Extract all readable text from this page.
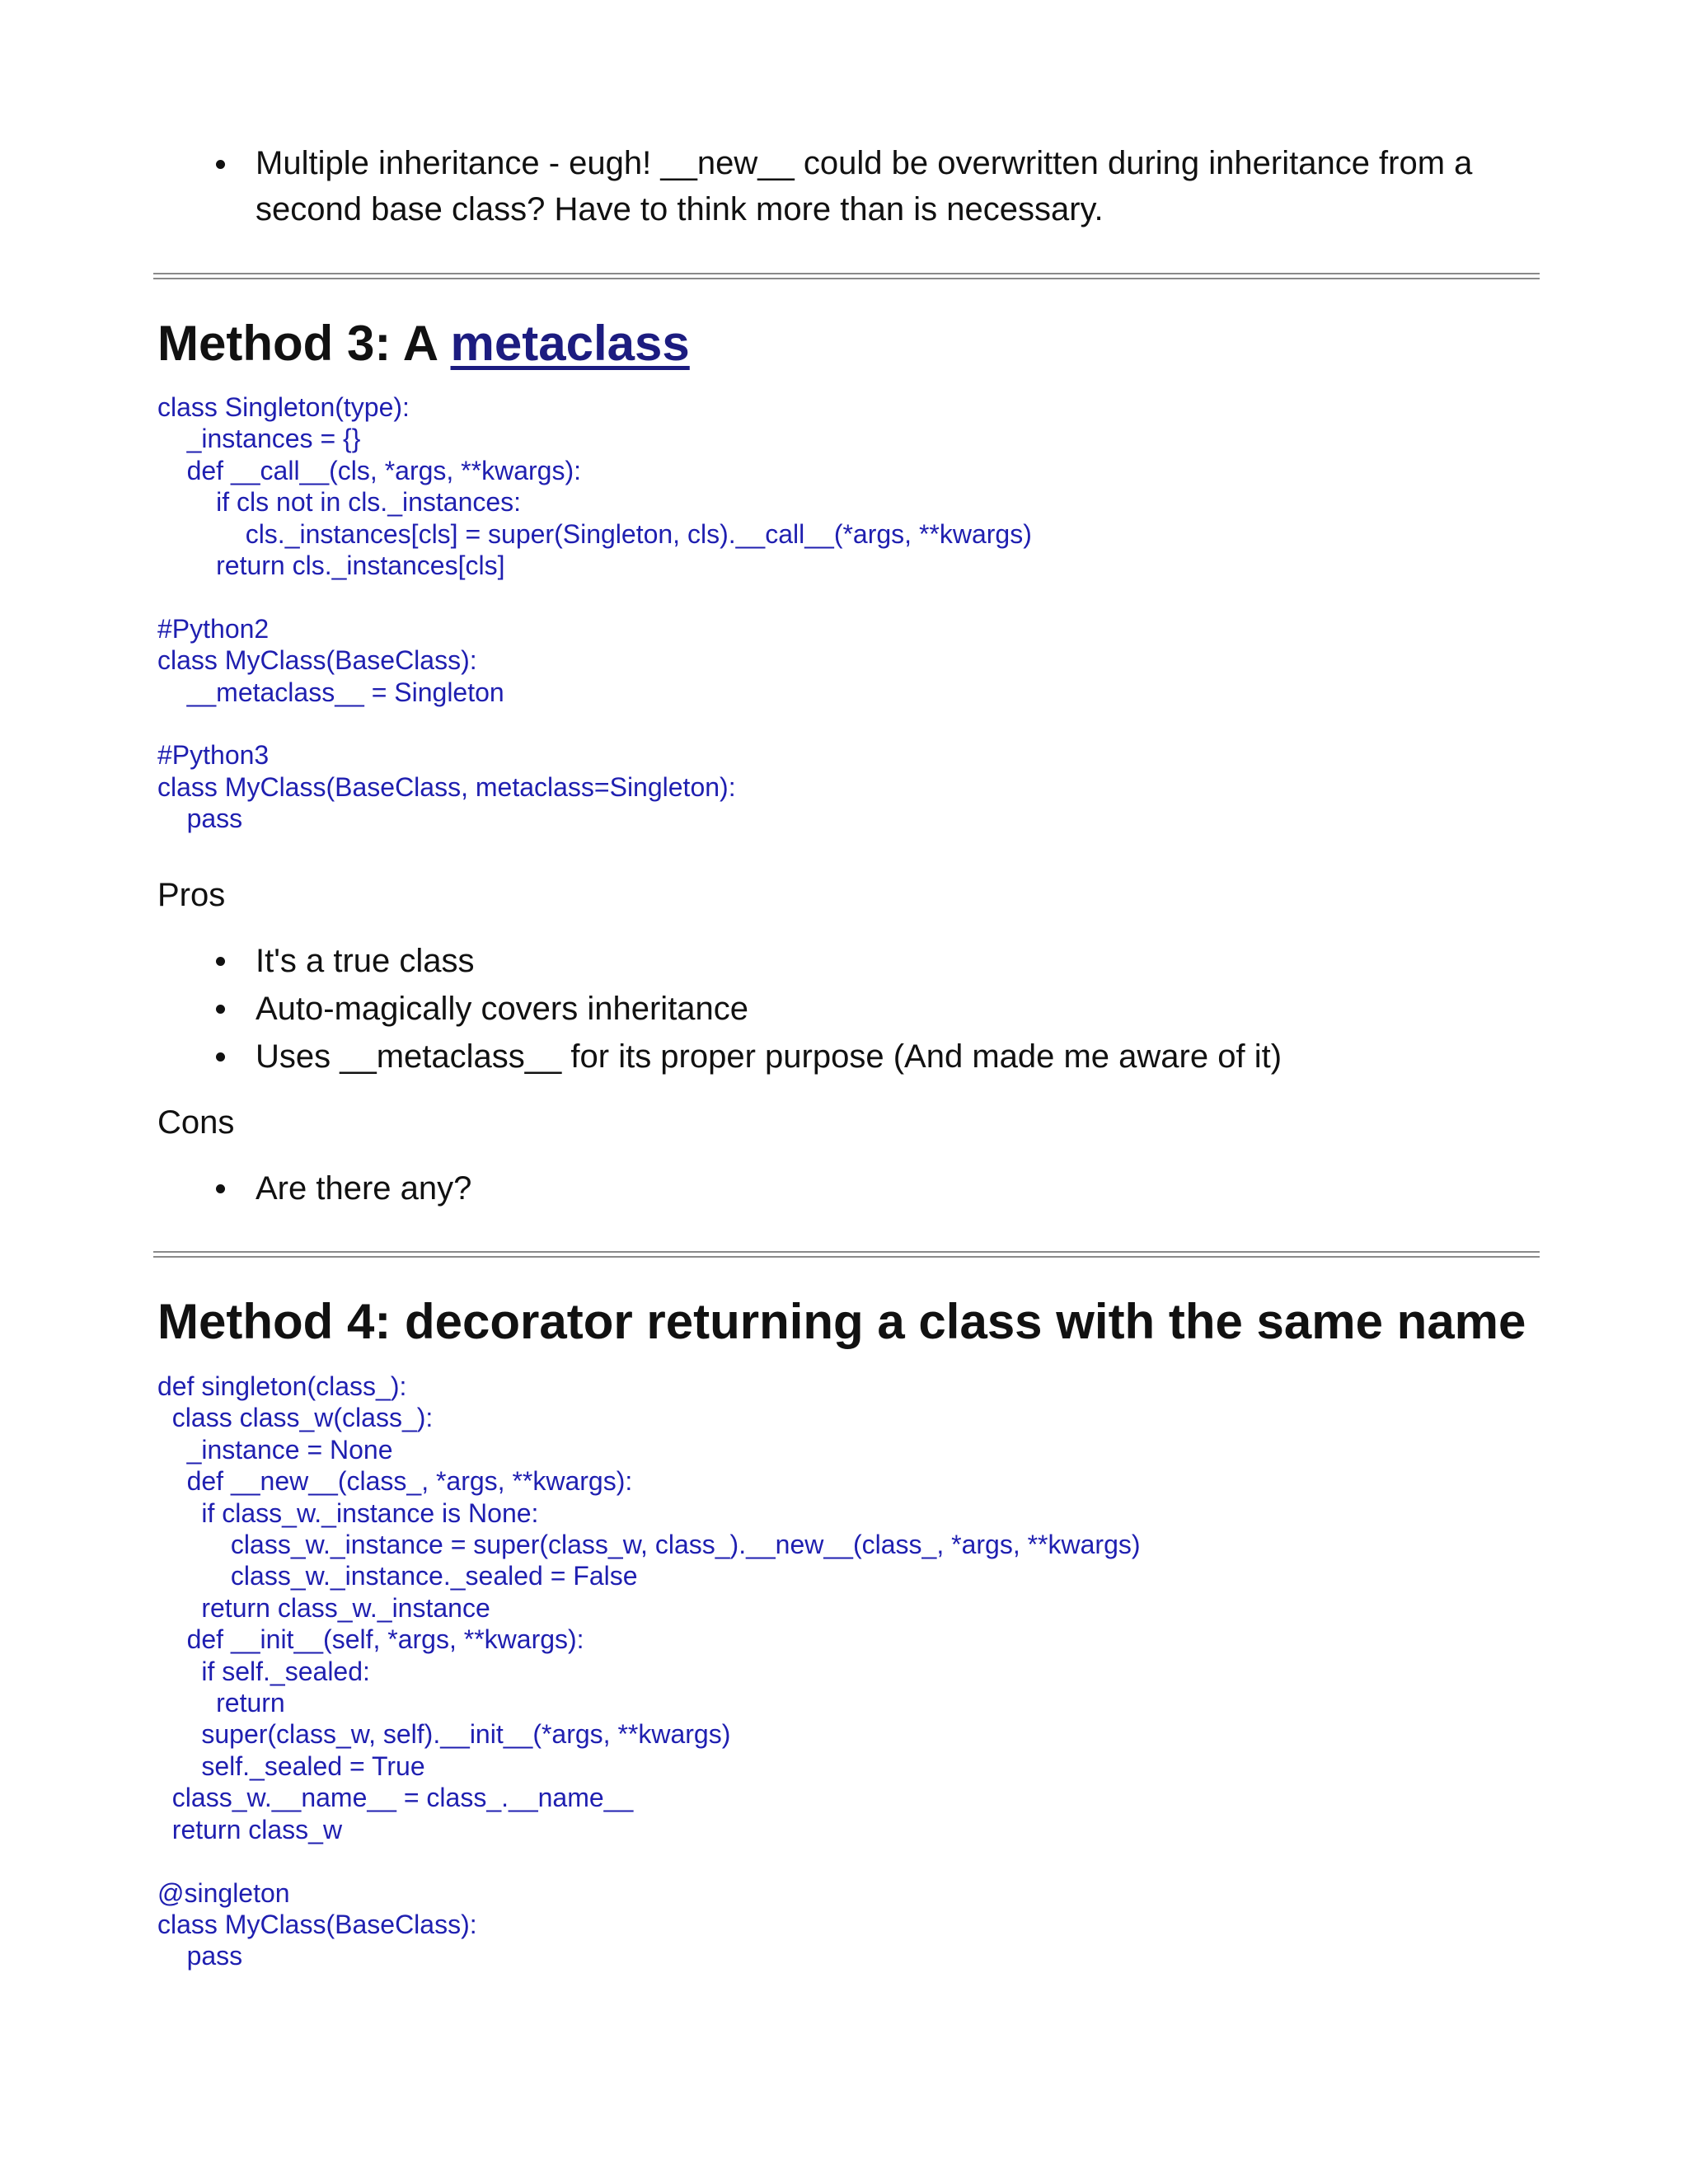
Multiple inheritance - eugh! __new__ could be overwritten during inheritance from a second base class? Have to think more than is necessary.
Method 3: A metaclass
class Singleton(type):
_instances = {}
def __call__(cls, *args, **kwargs):
if cls not in cls._instances:
cls._instances[cls] = super(Singleton, cls).__call__(*args, **kwargs)
return cls._instances[cls]

#Python2
class MyClass(BaseClass):
__metaclass__ = Singleton

#Python3
class MyClass(BaseClass, metaclass=Singleton):
pass

Pros

It's a true class
Auto-magically covers inheritance
Uses __metaclass__ for its proper purpose (And made me aware of it)

Cons

Are there any?
Method 4: decorator returning a class with the same name
def singleton(class_):
class class_w(class_):
_instance = None
def __new__(class_, *args, **kwargs):
if class_w._instance is None:
class_w._instance = super(class_w, class_).__new__(class_, *args, **kwargs)
class_w._instance._sealed = False
return class_w._instance
def __init__(self, *args, **kwargs):
if self._sealed:
return
super(class_w, self).__init__(*args, **kwargs)
self._sealed = True
class_w.__name__ = class_.__name__
return class_w

@singleton
class MyClass(BaseClass):
pass
